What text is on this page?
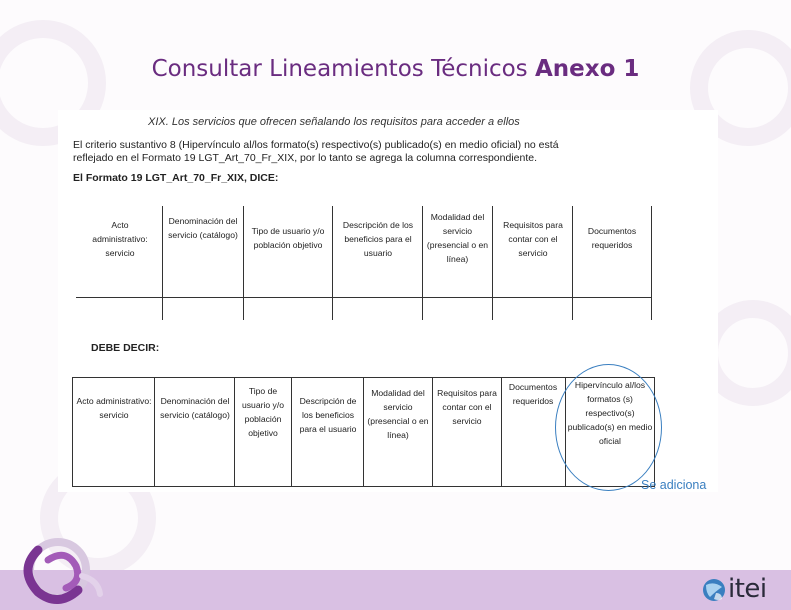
Consultar Lineamientos Técnicos Anexo 1
XIX. Los servicios que ofrecen señalando los requisitos para acceder a ellos
El criterio sustantivo 8 (Hipervínculo al/los formato(s) respectivo(s) publicado(s) en medio oficial) no está
reflejado en el Formato 19 LGT_Art_70_Fr_XIX, por lo tanto se agrega la columna correspondiente.
El Formato 19 LGT_Art_70_Fr_XIX, DICE:
Acto administrativo: servicio
Denominación del servicio (catálogo)	Tipo de usuario y/o población objetivo
Descripción de los beneficios para el usuario
Modalidad del servicio (presencial o en línea)
Requisitos para contar con el servicio
Documentos requeridos
DEBE DECIR:
Acto administrativo: servicio
Denominación del servicio (catálogo)
Tipo de usuario y/o población objetivo
Descripción de los beneficios para el usuario
Modalidad del servicio (presencial o en línea)
Requisitos para contar con el servicio
Documentos requeridos
Hipervínculo al/los formatos (s) respectivo(s) publicado(s) en medio oficial
Se adiciona
itei
